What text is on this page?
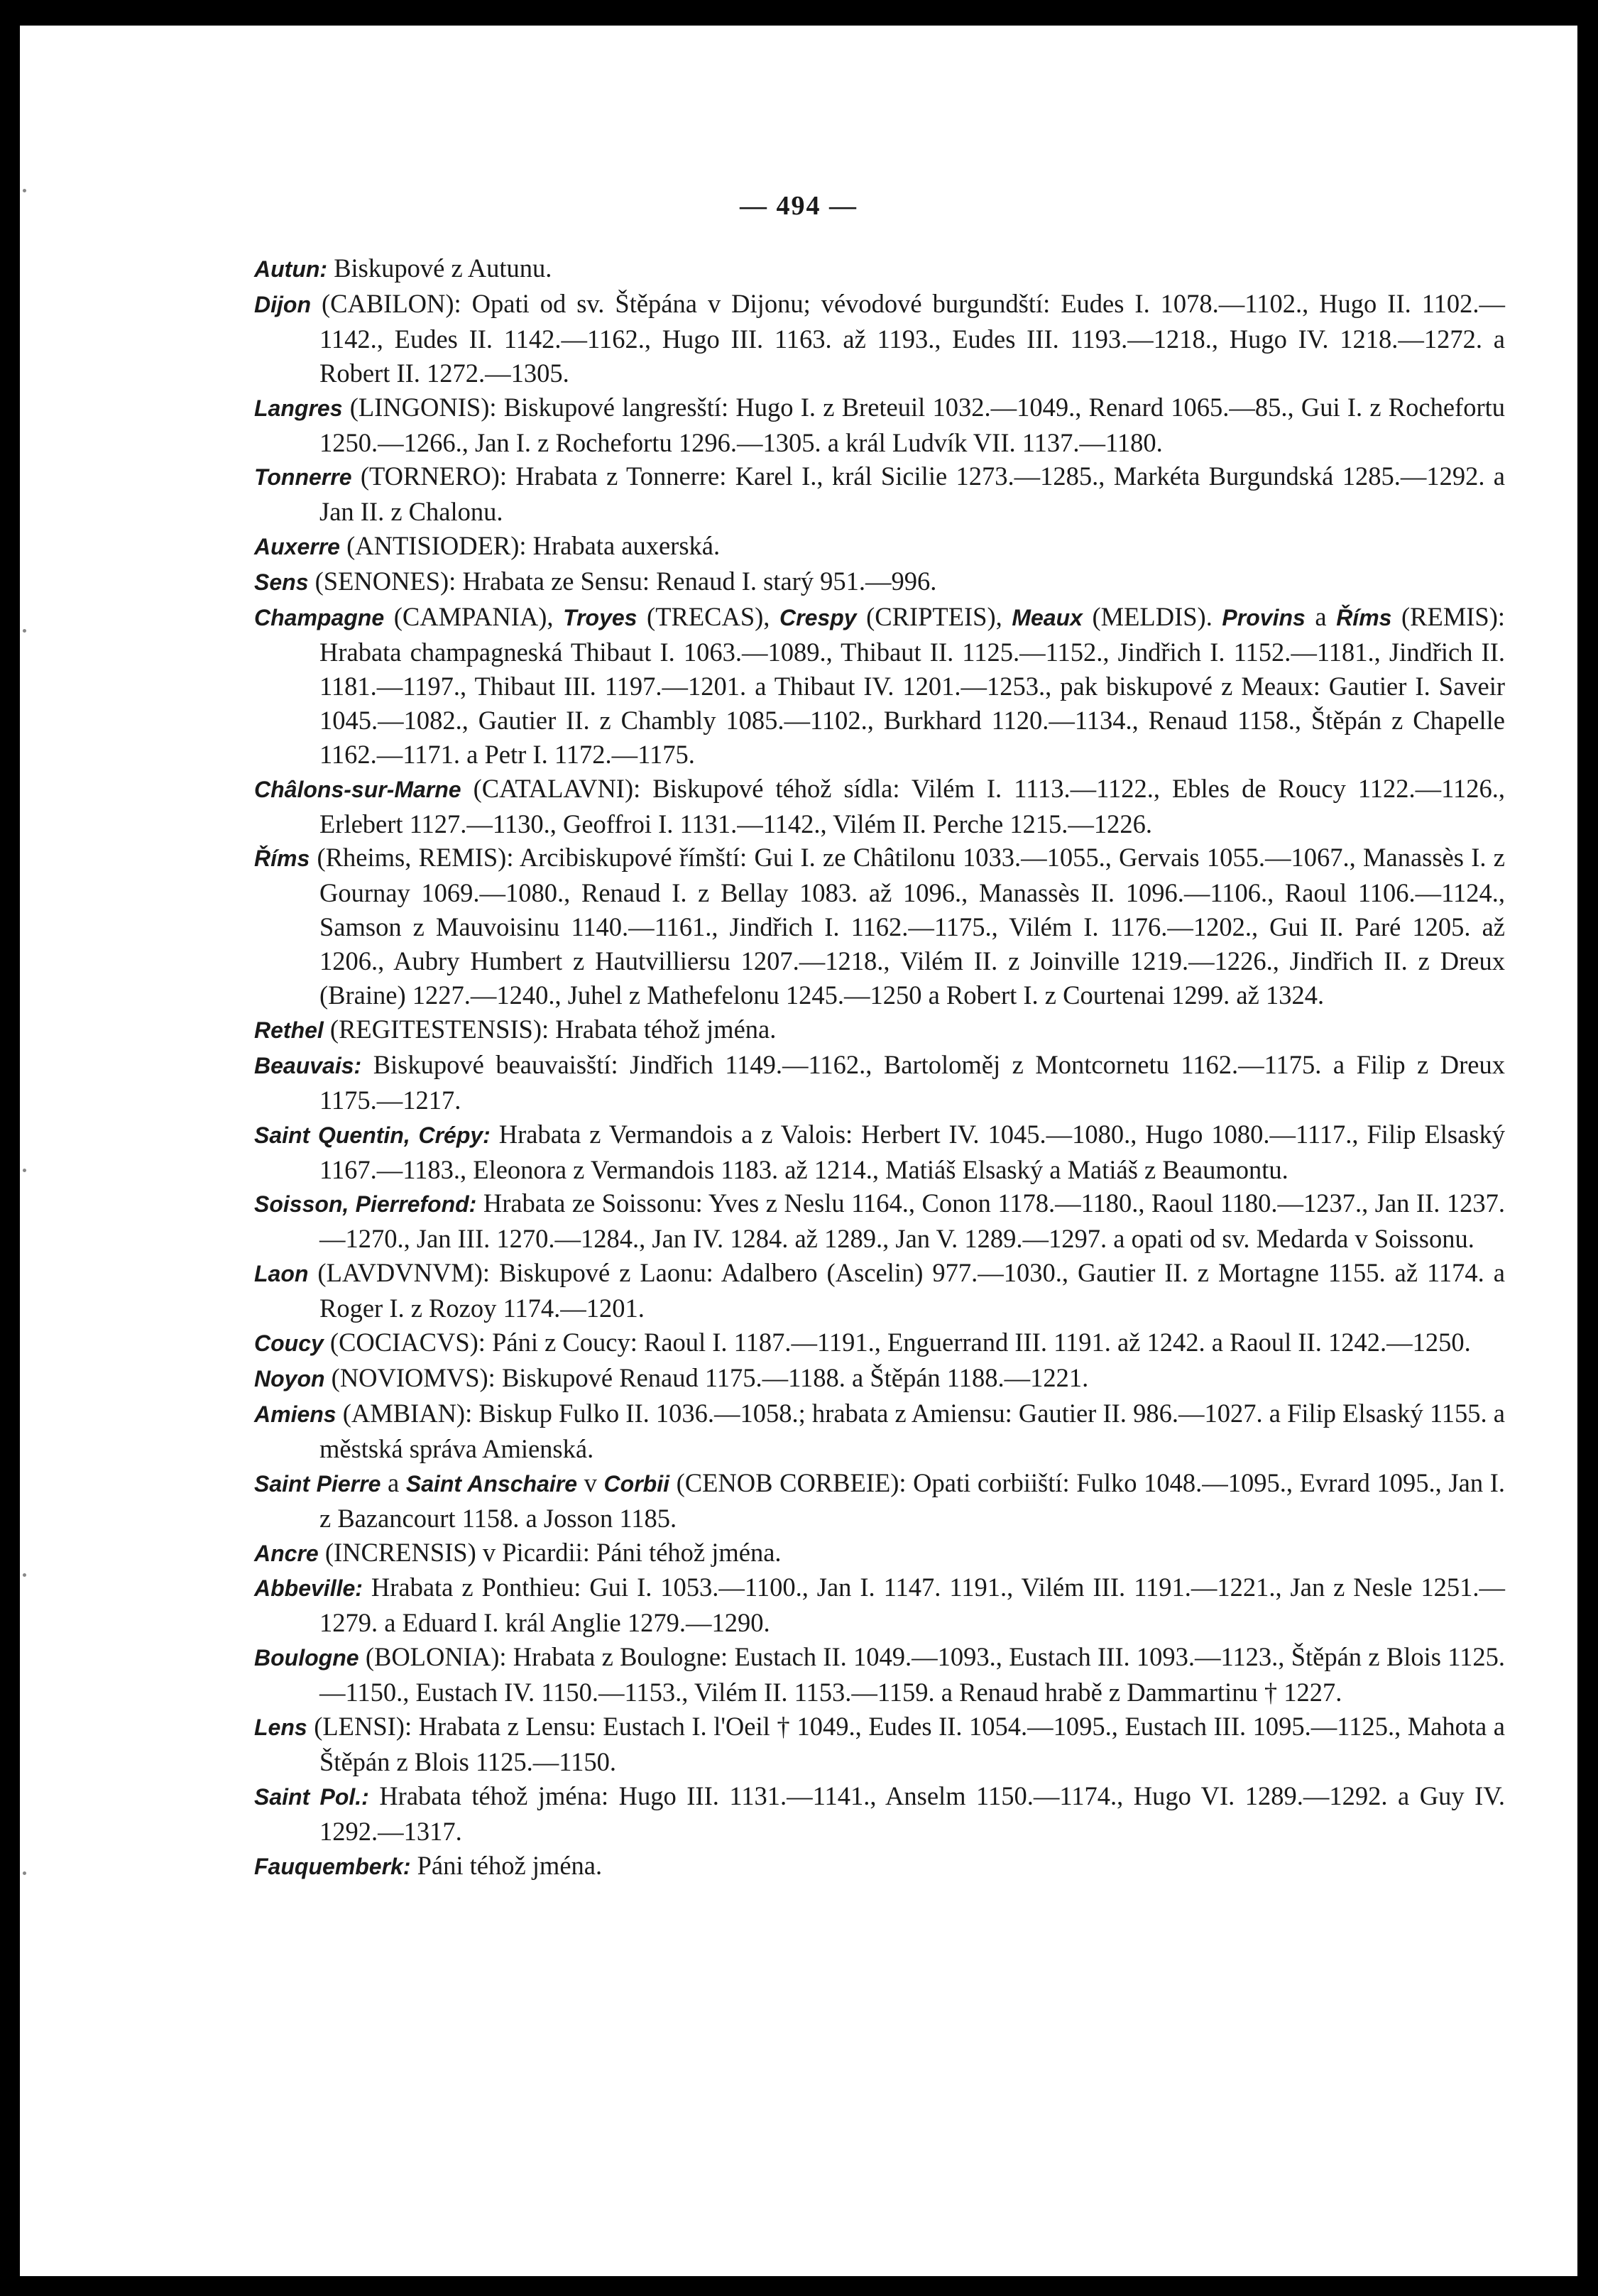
— 494 —

Autun: Biskupové z Autunu.

Dijon (CABILON): Opati od sv. Štěpána v Dijonu; vévodové burgundští: Eudes I. 1078.—1102., Hugo II. 1102.—1142., Eudes II. 1142.—1162., Hugo III. 1163. až 1193., Eudes III. 1193.—1218., Hugo IV. 1218.—1272. a Robert II. 1272.—1305.

Langres (LINGONIS): Biskupové langresští: Hugo I. z Breteuil 1032.—1049., Renard 1065.—85., Gui I. z Rochefortu 1250.—1266., Jan I. z Rochefortu 1296.—1305. a král Ludvík VII. 1137.—1180.

Tonnerre (TORNERO): Hrabata z Tonnerre: Karel I., král Sicilie 1273.—1285., Markéta Burgundská 1285.—1292. a Jan II. z Chalonu.

Auxerre (ANTISIODER): Hrabata auxerská.

Sens (SENONES): Hrabata ze Sensu: Renaud I. starý 951.—996.

Champagne (CAMPANIA), Troyes (TRECAS), Crespy (CRIPTEIS), Meaux (MELDIS). Provins a Říms (REMIS): Hrabata champagneská Thibaut I. 1063.—1089., Thibaut II. 1125.—1152., Jindřich I. 1152.—1181., Jindřich II. 1181.—1197., Thibaut III. 1197.—1201. a Thibaut IV. 1201.—1253., pak biskupové z Meaux: Gautier I. Saveir 1045.—1082., Gautier II. z Chambly 1085.—1102., Burkhard 1120.—1134., Renaud 1158., Štěpán z Chapelle 1162.—1171. a Petr I. 1172.—1175.

Châlons-sur-Marne (CATALAVNI): Biskupové téhož sídla: Vilém I. 1113.—1122., Ebles de Roucy 1122.—1126., Erlebert 1127.—1130., Geoffroi I. 1131.—1142., Vilém II. Perche 1215.—1226.

Říms (Rheims, REMIS): Arcibiskupové římští: Gui I. ze Châtilonu 1033.—1055., Gervais 1055.—1067., Manassès I. z Gournay 1069.—1080., Renaud I. z Bellay 1083. až 1096., Manassès II. 1096.—1106., Raoul 1106.—1124., Samson z Mauvoisinu 1140.—1161., Jindřich I. 1162.—1175., Vilém I. 1176.—1202., Gui II. Paré 1205. až 1206., Aubry Humbert z Hautvilliersu 1207.—1218., Vilém II. z Joinville 1219.—1226., Jindřich II. z Dreux (Braine) 1227.—1240., Juhel z Mathefelonu 1245.—1250 a Robert I. z Courtenai 1299. až 1324.

Rethel (REGITESTENSIS): Hrabata téhož jména.

Beauvais: Biskupové beauvaisští: Jindřich 1149.—1162., Bartoloměj z Montcornetu 1162.—1175. a Filip z Dreux 1175.—1217.

Saint Quentin, Crépy: Hrabata z Vermandois a z Valois: Herbert IV. 1045.—1080., Hugo 1080.—1117., Filip Elsaský 1167.—1183., Eleonora z Vermandois 1183. až 1214., Matiáš Elsaský a Matiáš z Beaumontu.

Soisson, Pierrefond: Hrabata ze Soissonu: Yves z Neslu 1164., Conon 1178.—1180., Raoul 1180.—1237., Jan II. 1237.—1270., Jan III. 1270.—1284., Jan IV. 1284. až 1289., Jan V. 1289.—1297. a opati od sv. Medarda v Soissonu.

Laon (LAVDVNVM): Biskupové z Laonu: Adalbero (Ascelin) 977.—1030., Gautier II. z Mortagne 1155. až 1174. a Roger I. z Rozoy 1174.—1201.

Coucy (COCIACVS): Páni z Coucy: Raoul I. 1187.—1191., Enguerrand III. 1191. až 1242. a Raoul II. 1242.—1250.

Noyon (NOVIOMVS): Biskupové Renaud 1175.—1188. a Štěpán 1188.—1221.

Amiens (AMBIAN): Biskup Fulko II. 1036.—1058.; hrabata z Amiensu: Gautier II. 986.—1027. a Filip Elsaský 1155. a městská správa Amienská.

Saint Pierre a Saint Anschaire v Corbii (CENOB CORBEIE): Opati corbiiští: Fulko 1048.—1095., Evrard 1095., Jan I. z Bazancourt 1158. a Josson 1185.

Ancre (INCRENSIS) v Picardii: Páni téhož jména.

Abbeville: Hrabata z Ponthieu: Gui I. 1053.—1100., Jan I. 1147. 1191., Vilém III. 1191.—1221., Jan z Nesle 1251.—1279. a Eduard I. král Anglie 1279.—1290.

Boulogne (BOLONIA): Hrabata z Boulogne: Eustach II. 1049.—1093., Eustach III. 1093.—1123., Štěpán z Blois 1125.—1150., Eustach IV. 1150.—1153., Vilém II. 1153.—1159. a Renaud hrabě z Dammartinu † 1227.

Lens (LENSI): Hrabata z Lensu: Eustach I. l'Oeil † 1049., Eudes II. 1054.—1095., Eustach III. 1095.—1125., Mahota a Štěpán z Blois 1125.—1150.

Saint Pol.: Hrabata téhož jména: Hugo III. 1131.—1141., Anselm 1150.—1174., Hugo VI. 1289.—1292. a Guy IV. 1292.—1317.

Fauquemberk: Páni téhož jména.
